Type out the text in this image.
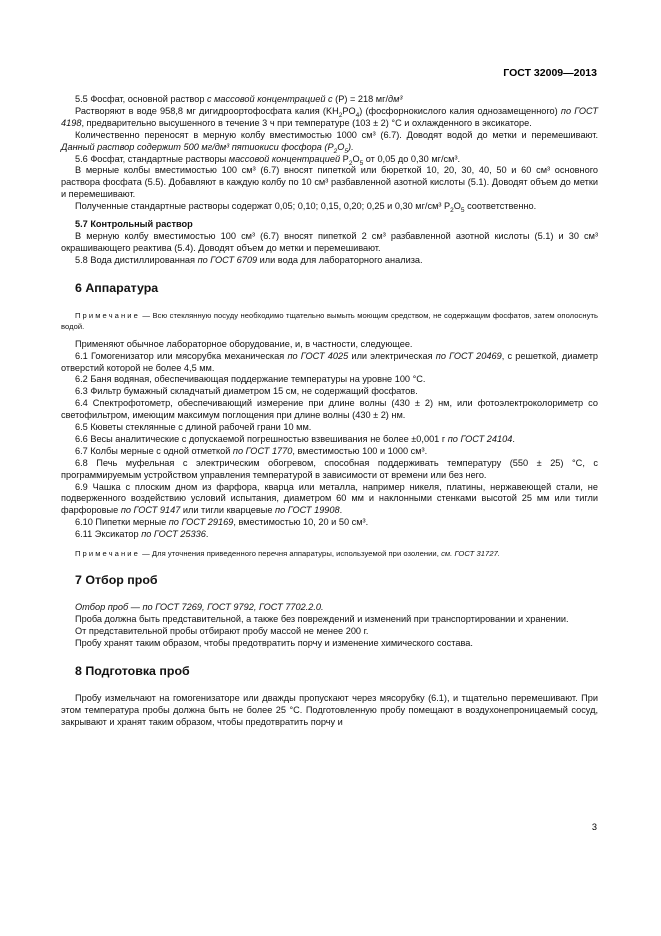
ГОСТ 32009—2013

5.5 Фосфат, основной раствор с массовой концентрацией с (P) = 218 мг/дм³

Растворяют в воде 958,8 мг дигидроортофосфата калия $(KH_2PO_4)$ (фосфорнокислого калия однозамещенного) по ГОСТ 4198, предварительно высушенного в течение 3 ч при температуре (103 ± 2) °С и охлажденного в эксикаторе.

Количественно переносят в мерную колбу вместимостью 1000 см³ (6.7). Доводят водой до метки и перемешивают. Данный раствор содержит 500 мг/дм³ пятиокиси фосфора $(P_2O_5)$.

5.6 Фосфат, стандартные растворы массовой концентрацией $P_2O_5$ от 0,05 до 0,30 мг/см³.

В мерные колбы вместимостью 100 см³ (6.7) вносят пипеткой или бюреткой 10, 20, 30, 40, 50 и 60 см³ основного раствора фосфата (5.5). Добавляют в каждую колбу по 10 см³ разбавленной азотной кислоты (5.1). Доводят объем до метки и перемешивают.

Полученные стандартные растворы содержат 0,05; 0,10; 0,15, 0,20; 0,25 и 0,30 мг/см³ $P_2O_5$ соответственно.

5.7 Контрольный раствор

В мерную колбу вместимостью 100 см³ (6.7) вносят пипеткой 2 см³ разбавленной азотной кислоты (5.1) и 30 см³ окрашивающего реактива (5.4). Доводят объем до метки и перемешивают.

5.8 Вода дистиллированная по ГОСТ 6709 или вода для лабораторного анализа.

6 Аппаратура

Примечание — Всю стеклянную посуду необходимо тщательно вымыть моющим средством, не содержащим фосфатов, затем ополоснуть водой.

Применяют обычное лабораторное оборудование, и, в частности, следующее.

6.1 Гомогенизатор или мясорубка механическая по ГОСТ 4025 или электрическая по ГОСТ 20469, с решеткой, диаметр отверстий которой не более 4,5 мм.

6.2 Баня водяная, обеспечивающая поддержание температуры на уровне 100 °С.

6.3 Фильтр бумажный складчатый диаметром 15 см, не содержащий фосфатов.

6.4 Спектрофотометр, обеспечивающий измерение при длине волны (430 ± 2) нм, или фотоэлектроколориметр со светофильтром, имеющим максимум поглощения при длине волны (430 ± 2) нм.

6.5 Кюветы стеклянные с длиной рабочей грани 10 мм.

6.6 Весы аналитические с допускаемой погрешностью взвешивания не более ±0,001 г по ГОСТ 24104.

6.7 Колбы мерные с одной отметкой по ГОСТ 1770, вместимостью 100 и 1000 см³.

6.8 Печь муфельная с электрическим обогревом, способная поддерживать температуру (550 ± 25) °С, с программируемым устройством управления температурой в зависимости от времени или без него.

6.9 Чашка с плоским дном из фарфора, кварца или металла, например никеля, платины, нержавеющей стали, не подверженного воздействию условий испытания, диаметром 60 мм и наклонными стенками высотой 25 мм или тигли фарфоровые по ГОСТ 9147 или тигли кварцевые по ГОСТ 19908.

6.10 Пипетки мерные по ГОСТ 29169, вместимостью 10, 20 и 50 см³.

6.11 Эксикатор по ГОСТ 25336.

Примечание — Для уточнения приведенного перечня аппаратуры, используемой при озолении, см. ГОСТ 31727.

7 Отбор проб

Отбор проб — по ГОСТ 7269, ГОСТ 9792, ГОСТ 7702.2.0.

Проба должна быть представительной, а также без повреждений и изменений при транспортировании и хранении.

От представительной пробы отбирают пробу массой не менее 200 г.

Пробу хранят таким образом, чтобы предотвратить порчу и изменение химического состава.

8 Подготовка проб

Пробу измельчают на гомогенизаторе или дважды пропускают через мясорубку (6.1), и тщательно перемешивают. При этом температура пробы должна быть не более 25 °С. Подготовленную пробу помещают в воздухонепроницаемый сосуд, закрывают и хранят таким образом, чтобы предотвратить порчу и

3
